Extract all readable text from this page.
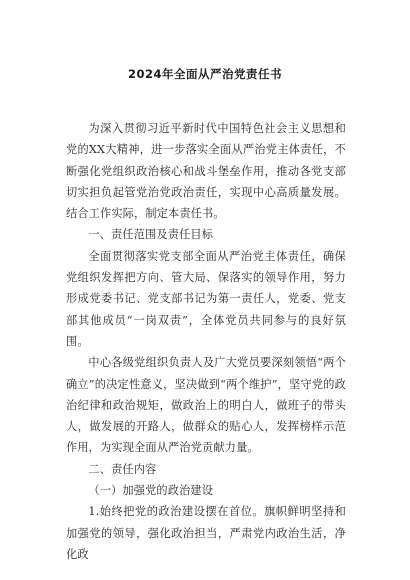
2024年全面从严治党责任书

为深入贯彻习近平新时代中国特色社会主义思想和党的XX大精神，进一步落实全面从严治党主体责任，不断强化党组织政治核心和战斗堡垒作用，推动各党支部切实担负起管党治党政治责任，实现中心高质量发展。结合工作实际，制定本责任书。

一、责任范围及责任目标

全面贯彻落实党支部全面从严治党主体责任，确保党组织发挥把方向、管大局、保落实的领导作用，努力形成党委书记、党支部书记为第一责任人，党委、党支部其他成员“一岗双责”，全体党员共同参与的良好氛围。

中心各级党组织负责人及广大党员要深刻领悟“两个确立”的决定性意义，坚决做到“两个维护”，坚守党的政治纪律和政治规矩，做政治上的明白人，做班子的带头人，做发展的开路人，做群众的贴心人，发挥榜样示范作用，为实现全面从严治党贡献力量。

二、责任内容

（一）加强党的政治建设

1.始终把党的政治建设摆在首位。旗帜鲜明坚持和加强党的领导，强化政治担当，严肃党内政治生活，净化政
